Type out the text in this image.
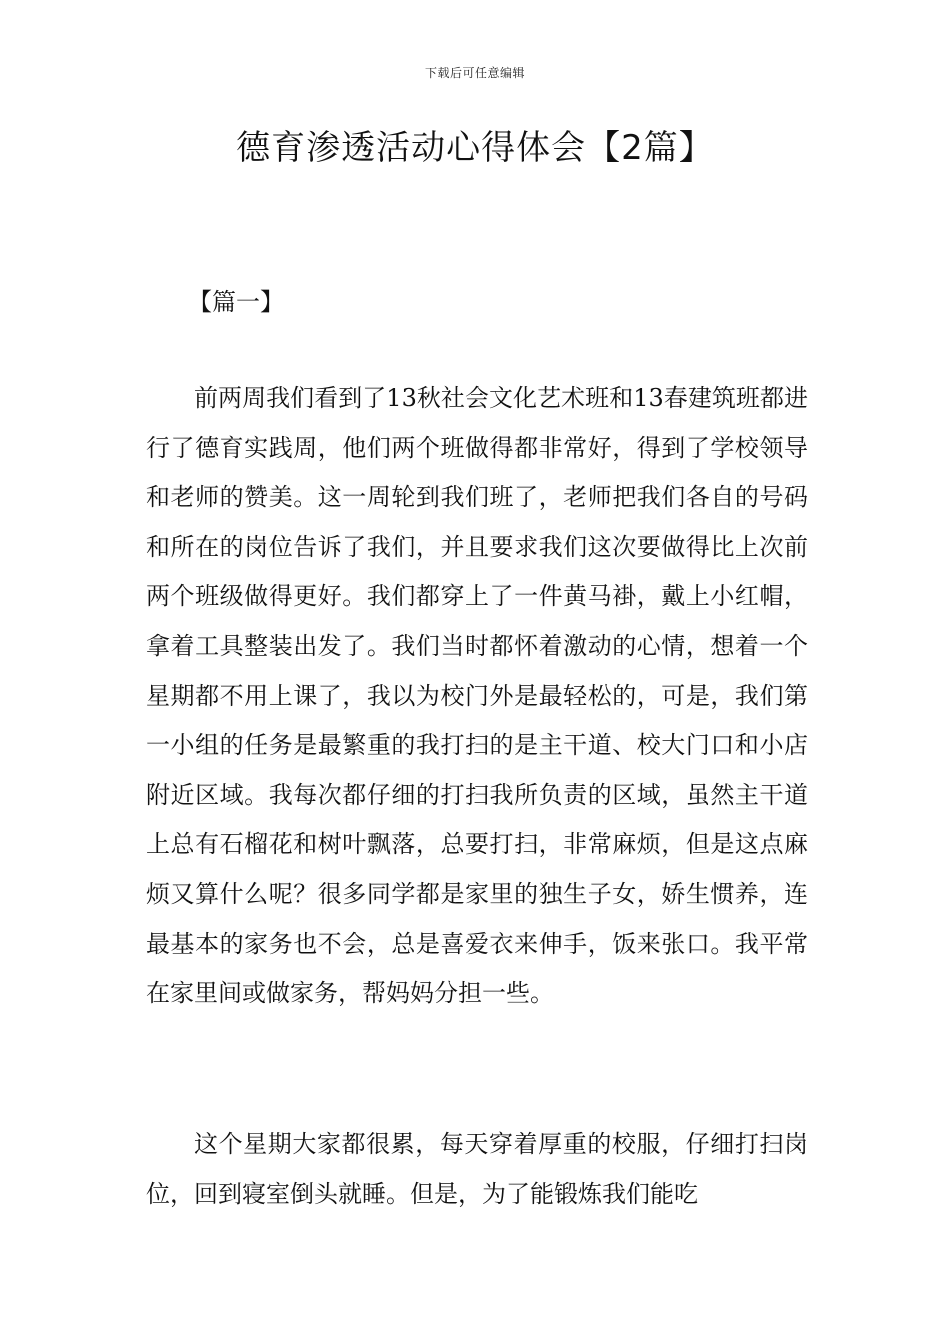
下载后可任意编辑
德育渗透活动心得体会【2篇】
【篇一】

前两周我们看到了13秋社会文化艺术班和13春建筑班都进行了德育实践周，他们两个班做得都非常好，得到了学校领导和老师的赞美。这一周轮到我们班了，老师把我们各自的号码和所在的岗位告诉了我们，并且要求我们这次要做得比上次前两个班级做得更好。我们都穿上了一件黄马褂，戴上小红帽，拿着工具整装出发了。我们当时都怀着激动的心情，想着一个星期都不用上课了，我以为校门外是最轻松的，可是，我们第一小组的任务是最繁重的我打扫的是主干道、校大门口和小店附近区域。我每次都仔细的打扫我所负责的区域，虽然主干道上总有石榴花和树叶飘落，总要打扫，非常麻烦，但是这点麻烦又算什么呢？很多同学都是家里的独生子女，娇生惯养，连最基本的家务也不会，总是喜爱衣来伸手，饭来张口。我平常在家里间或做家务，帮妈妈分担一些。

这个星期大家都很累，每天穿着厚重的校服，仔细打扫岗位，回到寝室倒头就睡。但是，为了能锻炼我们能吃
